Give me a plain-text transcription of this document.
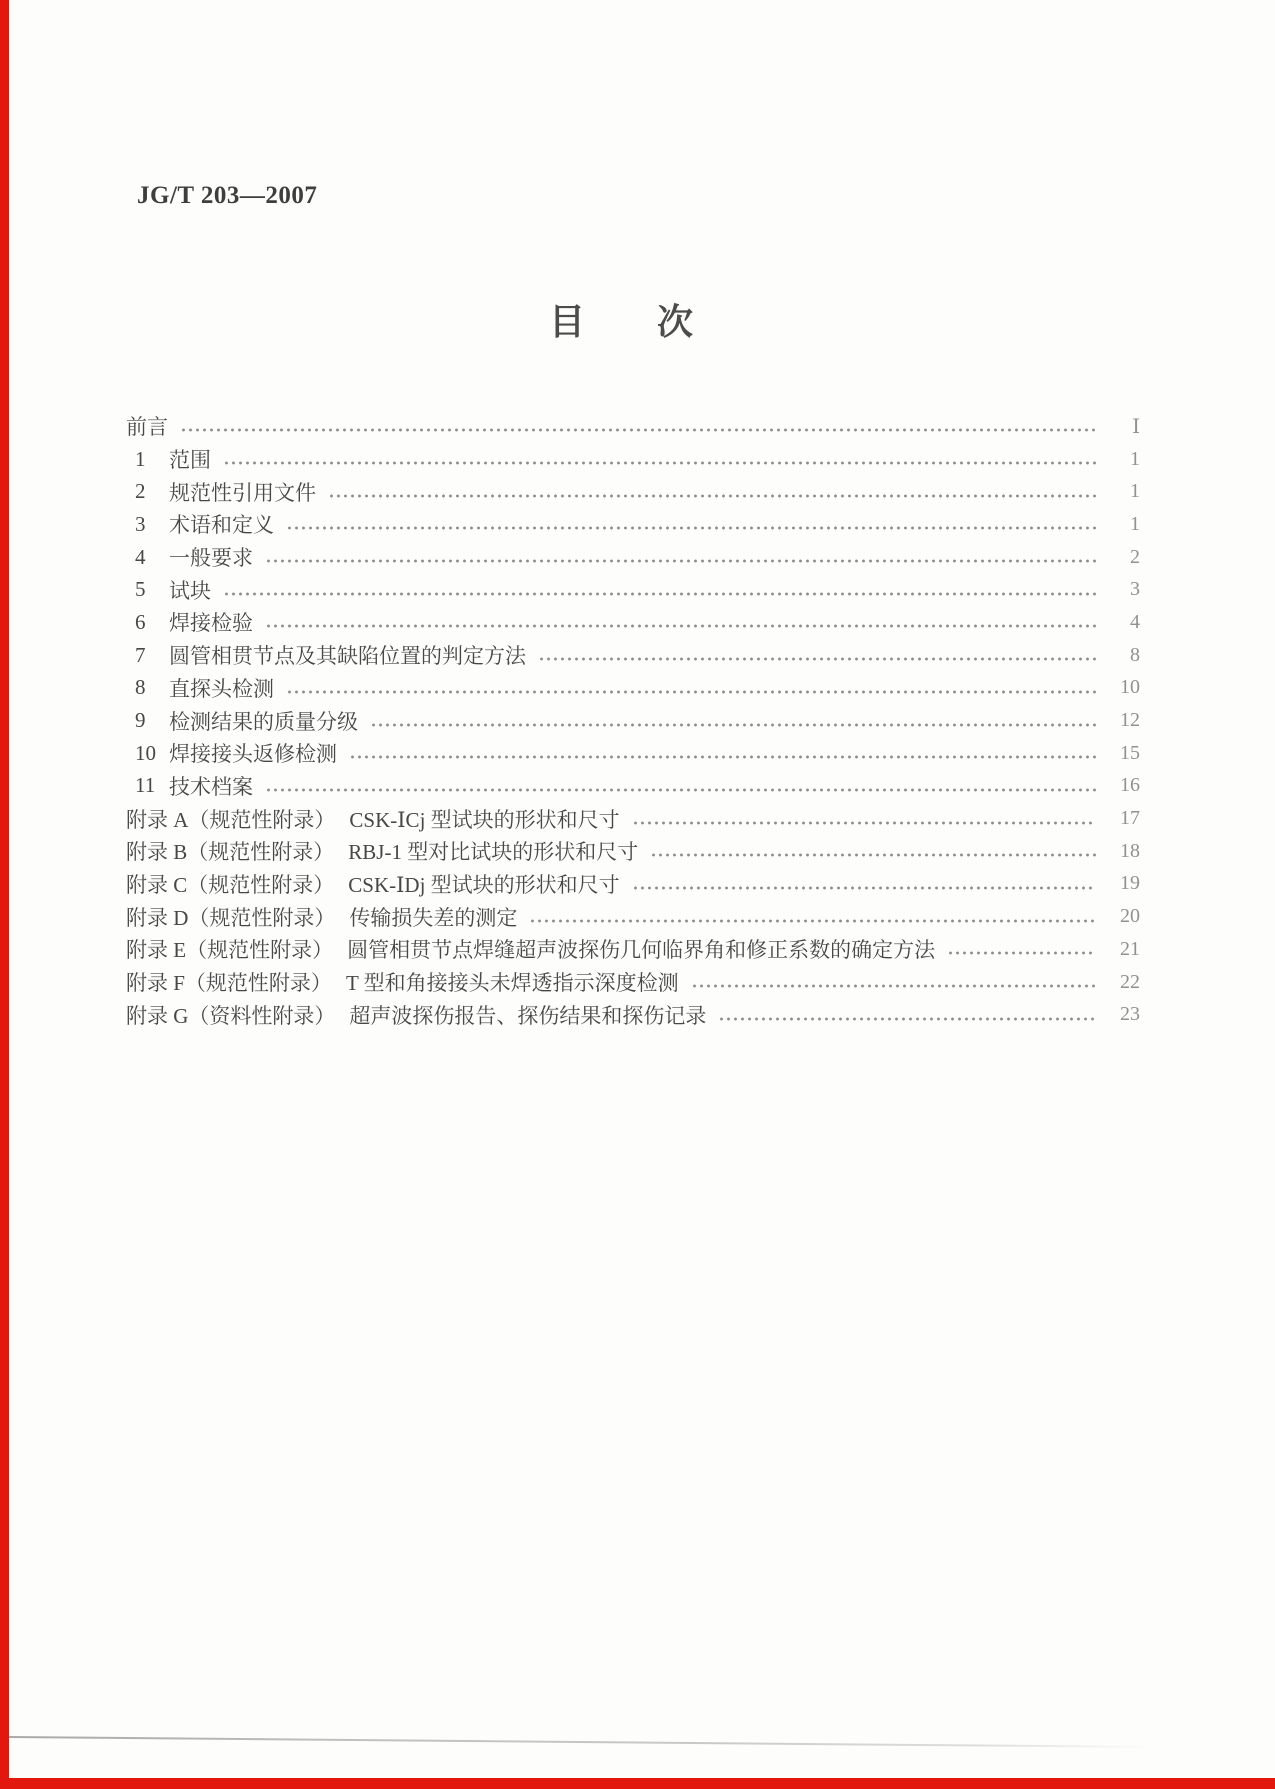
JG/T 203—2007
目　　次
前言	Ⅰ
1	范围	1
2	规范性引用文件	1
3	术语和定义	1
4	一般要求	2
5	试块	3
6	焊接检验	4
7	圆管相贯节点及其缺陷位置的判定方法	8
8	直探头检测	10
9	检测结果的质量分级	12
10 焊接接头返修检测	15
11 技术档案	16
附录 A（规范性附录） CSK-ⅠCj 型试块的形状和尺寸	17
附录 B（规范性附录） RBJ-1 型对比试块的形状和尺寸	18
附录 C（规范性附录） CSK-ⅠDj 型试块的形状和尺寸	19
附录 D（规范性附录） 传输损失差的测定	20
附录 E（规范性附录） 圆管相贯节点焊缝超声波探伤几何临界角和修正系数的确定方法	21
附录 F（规范性附录） T 型和角接接头未焊透指示深度检测	22
附录 G（资料性附录） 超声波探伤报告、探伤结果和探伤记录	23
